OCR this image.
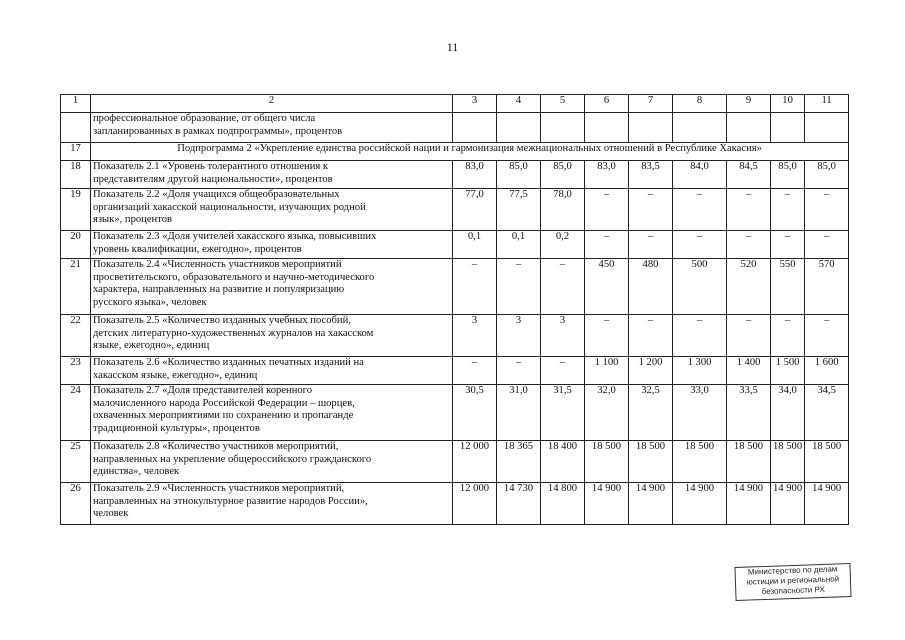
11
1	2	3	4	5	6	7	8	9	10	11

	профессиональное образование, от общего числа
запланированных в рамках подпрограммы», процентов									

17	Подпрограмма 2 «Укрепление единства российской нации и гармонизация межнациональных отношений в Республике Хакасия»									
18	Показатель 2.1 «Уровень толерантного отношения к
представителям другой национальности», процентов	83,0	85,0	85,0	83,0	83,5	84,0	84,5	85,0	85,0
19	Показатель 2.2 «Доля учащихся общеобразовательных
организаций хакасской национальности, изучающих родной
язык», процентов	77,0	77,5	78,0	–	–	–	–	–	–
20	Показатель 2.3 «Доля учителей хакасского языка, повысивших
уровень квалификации, ежегодно», процентов	0,1	0,1	0,2	–	–	–	–	–	–
21	Показатель 2.4 «Численность участников мероприятий
просветительского, образовательного и научно-методического
характера, направленных на развитие и популяризацию
русского языка», человек	–	–	–	450	480	500	520	550	570
22	Показатель 2.5 «Количество изданных учебных пособий,
детских литературно-художественных журналов на хакасском
языке, ежегодно», единиц	3	3	3	–	–	–	–	–	–
23	Показатель 2.6 «Количество изданных печатных изданий на
хакасском языке, ежегодно», единиц	–	–	–	1 100	1 200	1 300	1 400	1 500	1 600
24	Показатель 2.7 «Доля представителей коренного
малочисленного народа Российской Федерации – шорцев,
охваченных мероприятиями по сохранению и пропаганде
традиционной культуры», процентов	30,5	31,0	31,5	32,0	32,5	33,0	33,5	34,0	34,5
25	Показатель 2.8 «Количество участников мероприятий,
направленных на укрепление общероссийского гражданского
единства», человек	12 000	18 365	18 400	18 500	18 500	18 500	18 500	18 500	18 500
26	Показатель 2.9 «Численность участников мероприятий,
направленных на этнокультурное развитие народов России»,
человек	12 000	14 730	14 800	14 900	14 900	14 900	14 900	14 900	14 900
Министерство по делам
юстиции и региональной
безопасности РХ
